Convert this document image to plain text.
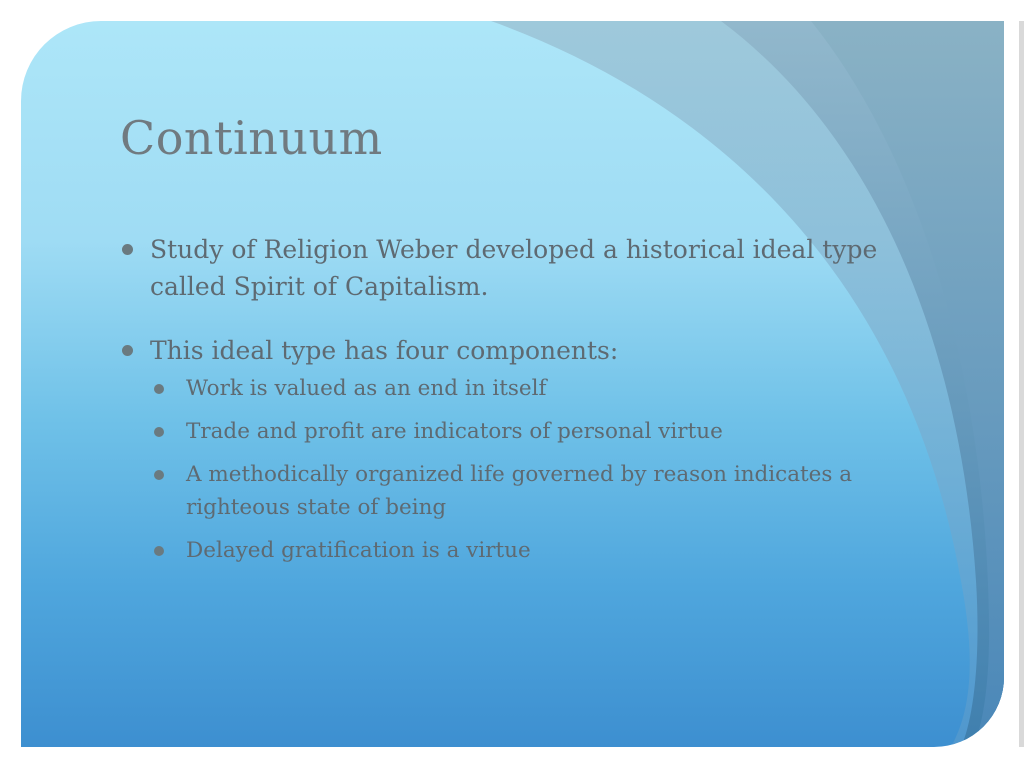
Continuum
Study of Religion Weber developed a historical ideal type called Spirit of Capitalism.
This ideal type has four components:
Work is valued as an end in itself
Trade and profit are indicators of personal virtue
A methodically organized life governed by reason indicates a righteous state of being
Delayed gratification is a virtue
